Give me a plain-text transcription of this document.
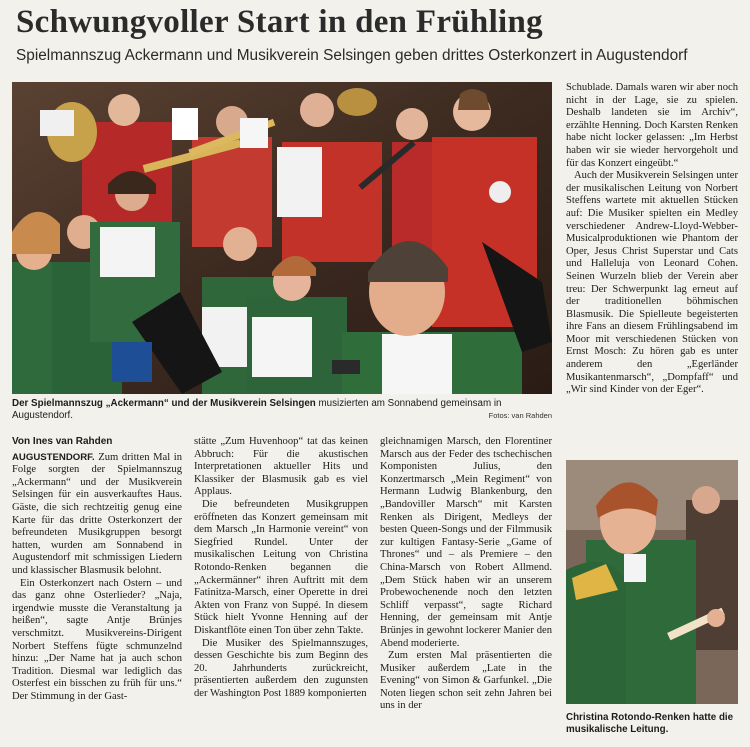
Schwungvoller Start in den Frühling
Spielmannszug Ackermann und Musikverein Selsingen geben drittes Osterkonzert in Augustendorf
Der Spielmannszug „Ackermann“ und der Musikverein Selsingen musizierten am Sonnabend gemeinsam in Augustendorf.	Fotos: van Rahden
Von Ines van Rahden

AUGUSTENDORF. Zum dritten Mal in Folge sorgten der Spielmannszug „Ackermann“ und der Musikverein Selsingen für ein ausverkauftes Haus. Gäste, die sich rechtzeitig genug eine Karte für das dritte Osterkonzert der befreundeten Musikgruppen besorgt hatten, wurden am Sonnabend in Augustendorf mit schmissigen Liedern und klassischer Blasmusik belohnt.

Ein Osterkonzert nach Ostern – und das ganz ohne Osterlieder? „Naja, irgendwie musste die Veranstaltung ja heißen“, sagte Antje Brünjes verschmitzt. Musikvereins-Dirigent Norbert Steffens fügte schmunzelnd hinzu: „Der Name hat ja auch schon Tradition. Diesmal war lediglich das Osterfest ein bisschen zu früh für uns.“ Der Stimmung in der Gast-

stätte „Zum Huvenhoop“ tat das keinen Abbruch: Für die akustischen Interpretationen aktueller Hits und Klassiker der Blasmusik gab es viel Applaus.

Die befreundeten Musikgruppen eröffneten das Konzert gemeinsam mit dem Marsch „In Harmonie vereint“ von Siegfried Rundel. Unter der musikalischen Leitung von Christina Rotondo-Renken begannen die „Ackermänner“ ihren Auftritt mit dem Fatinitza-Marsch, einer Operette in drei Akten von Franz von Suppé. In diesem Stück hielt Yvonne Henning auf der Diskantflöte einen Ton über zehn Takte.

Die Musiker des Spielmannszuges, dessen Geschichte bis zum Beginn des 20. Jahrhunderts zurückreicht, präsentierten außerdem den zugunsten der Washington Post 1889 komponierten

gleichnamigen Marsch, den Florentiner Marsch aus der Feder des tschechischen Komponisten Julius, den Konzertmarsch „Mein Regiment“ von Hermann Ludwig Blankenburg, den „Bandoviller Marsch“ mit Karsten Renken als Dirigent, Medleys der besten Queen-Songs und der Filmmusik zur kultigen Fantasy-Serie „Game of Thrones“ und – als Premiere – den China-Marsch von Robert Allmend. „Dem Stück haben wir an unserem Probewochenende noch den letzten Schliff verpasst“, sagte Richard Henning, der gemeinsam mit Antje Brünjes in gewohnt lockerer Manier den Abend moderierte.

Zum ersten Mal präsentierten die Musiker außerdem „Late in the Evening“ von Simon & Garfunkel. „Die Noten liegen schon seit zehn Jahren bei uns in der

Schublade. Damals waren wir aber noch nicht in der Lage, sie zu spielen. Deshalb landeten sie im Archiv“, erzählte Henning. Doch Karsten Renken habe nicht locker gelassen: „Im Herbst haben wir sie wieder hervorgeholt und für das Konzert eingeübt.“

Auch der Musikverein Selsingen unter der musikalischen Leitung von Norbert Steffens wartete mit aktuellen Stücken auf: Die Musiker spielten ein Medley verschiedener Andrew-Lloyd-Webber-Musicalproduktionen wie Phantom der Oper, Jesus Christ Superstar und Cats und Halleluja von Leonard Cohen. Seinen Wurzeln blieb der Verein aber treu: Der Schwerpunkt lag erneut auf der traditionellen böhmischen Blasmusik. Die Spielleute begeisterten ihre Fans an diesem Frühlingsabend im Moor mit verschiedenen Stücken von Ernst Mosch: Zu hören gab es unter anderem den „Egerländer Musikantenmarsch“, „Dompfaff“ und „Wir sind Kinder von der Eger“.

Christina Rotondo-Renken hatte die musikalische Leitung.
